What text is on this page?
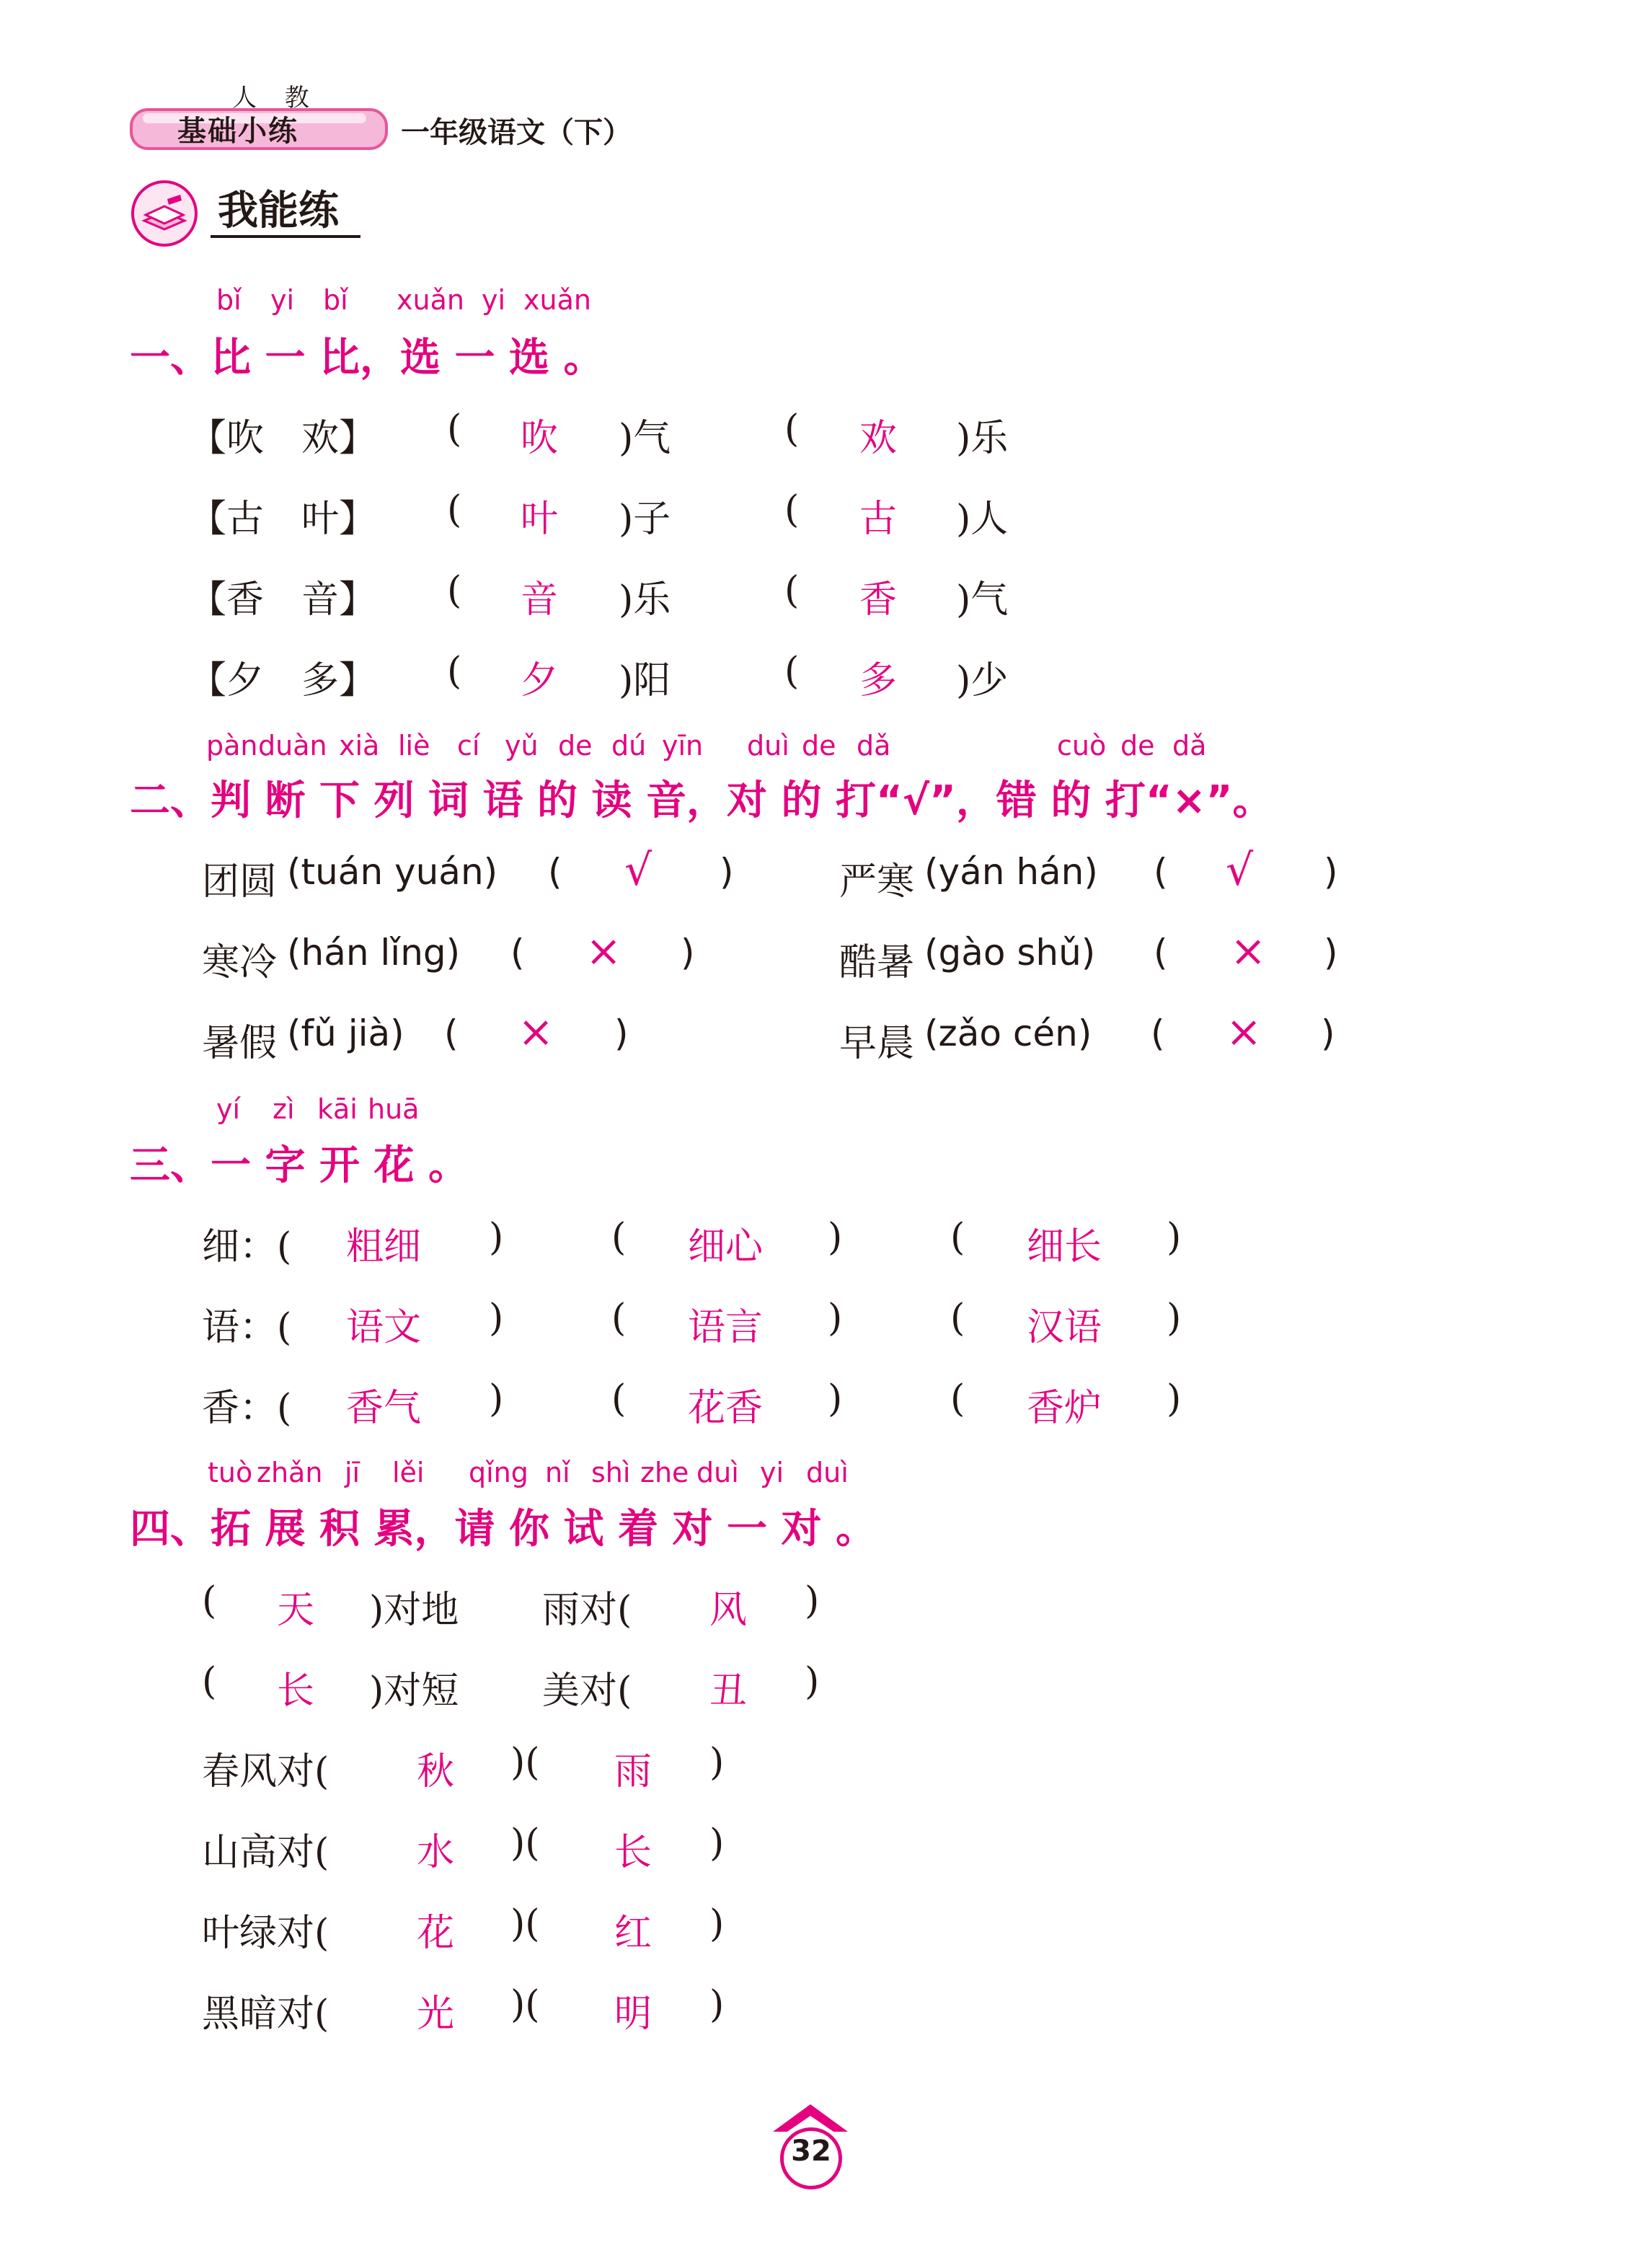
人 教
基础小练	一年级语文（下）
我能练
bǐ yi bǐ xuǎn yi xuǎn
一、比 一 比，选 一 选 。
【吹　欢】 ( 吹 )气	( 欢 )乐
【古　叶】 ( 叶 )子	( 古 )人
【香　音】 ( 音 )乐	( 香 )气
【夕　多】 ( 夕 )阳	( 多 )少
pàn duàn xià liè cí yǔ de dú yīn duì de dǎ	cuò de dǎ
二、判 断 下 列 词 语 的 读 音，对 的 打“√”，错 的 打“×”。
团圆 (tuán yuán) ( √ )	严寒 (yán hán) ( √ )
寒冷 (hán lǐng) ( × )	酷暑 (gào shǔ) ( × )
暑假 (fǔ jià) ( × )	早晨 (zǎo cén) ( × )
yí zì kāi huā
三、一 字 开 花 。
细：( 粗细 )	( 细心 )	( 细长 )
语：( 语文 )	( 语言 )	( 汉语 )
香：( 香气 )	( 花香 )	( 香炉 )
tuò zhǎn jī lěi qǐng nǐ shì zhe duì yi duì
四、拓 展 积 累，请 你 试 着 对 一 对 。
( 天 )对地 雨对( 风 )
( 长 )对短 美对( 丑 )
春风对( 秋 )( 雨 )
山高对( 水 )( 长 )
叶绿对( 花 )( 红 )
黑暗对( 光 )( 明 )
32
